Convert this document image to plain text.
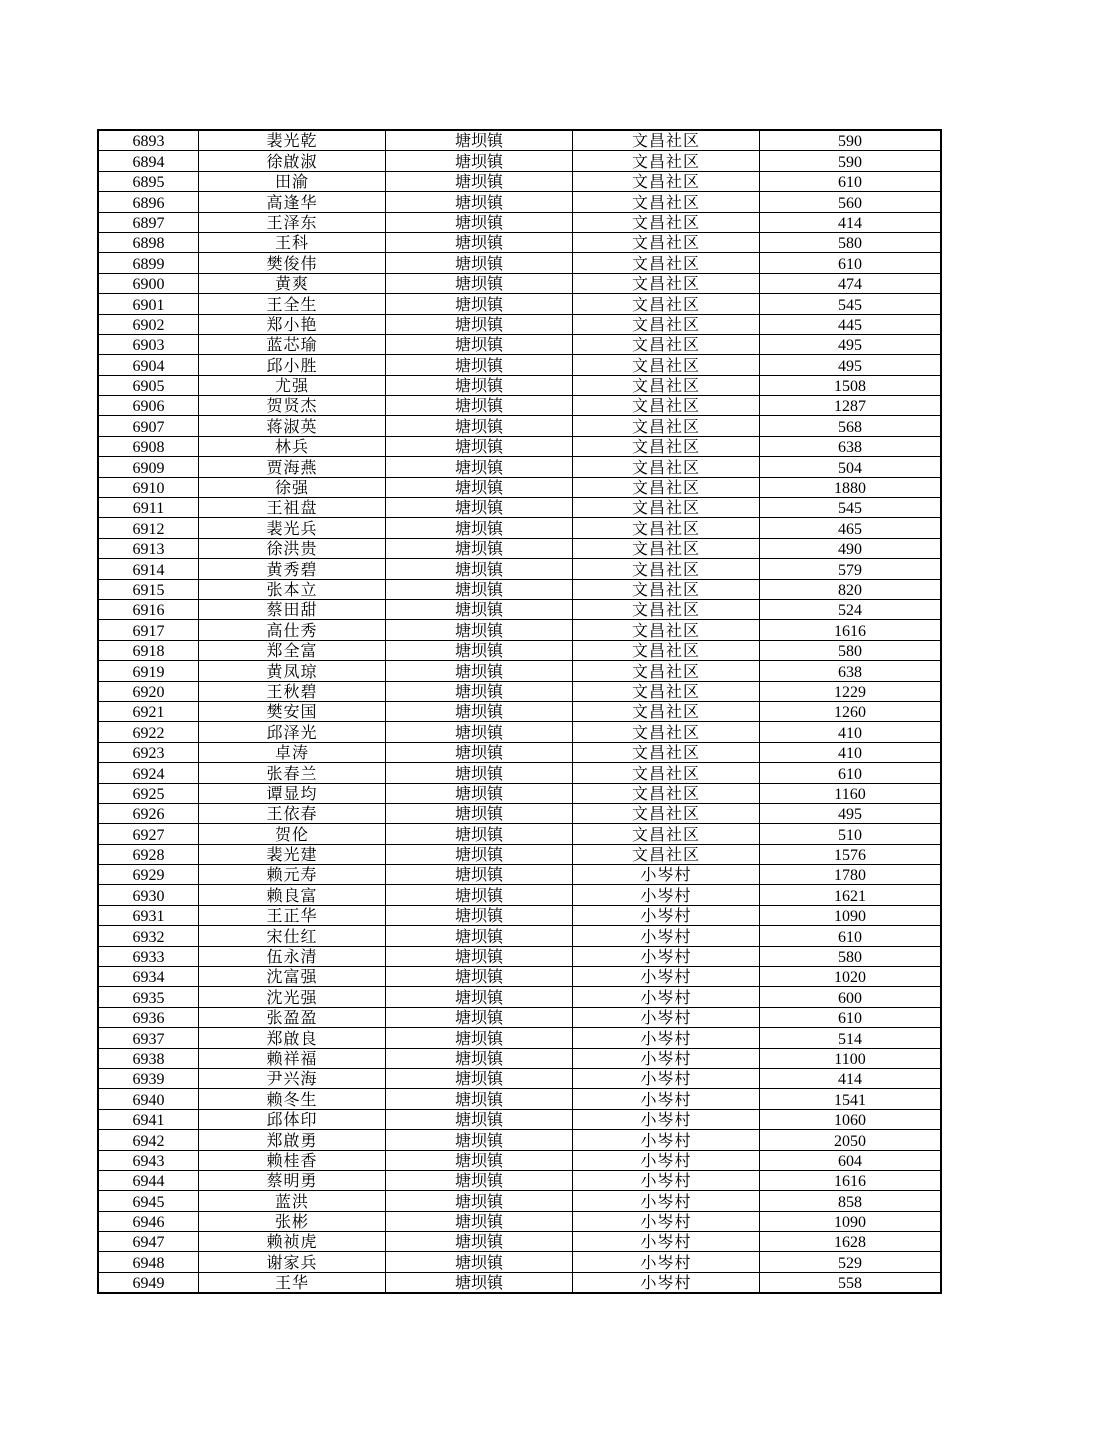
6893	裴光乾	塘坝镇	文昌社区	590
6894	徐啟淑	塘坝镇	文昌社区	590
6895	田渝	塘坝镇	文昌社区	610
6896	高逢华	塘坝镇	文昌社区	560
6897	王泽东	塘坝镇	文昌社区	414
6898	王科	塘坝镇	文昌社区	580
6899	樊俊伟	塘坝镇	文昌社区	610
6900	黄爽	塘坝镇	文昌社区	474
6901	王全生	塘坝镇	文昌社区	545
6902	郑小艳	塘坝镇	文昌社区	445
6903	蓝芯瑜	塘坝镇	文昌社区	495
6904	邱小胜	塘坝镇	文昌社区	495
6905	尤强	塘坝镇	文昌社区	1508
6906	贺贤杰	塘坝镇	文昌社区	1287
6907	蒋淑英	塘坝镇	文昌社区	568
6908	林兵	塘坝镇	文昌社区	638
6909	贾海燕	塘坝镇	文昌社区	504
6910	徐强	塘坝镇	文昌社区	1880
6911	王祖盘	塘坝镇	文昌社区	545
6912	裴光兵	塘坝镇	文昌社区	465
6913	徐洪贵	塘坝镇	文昌社区	490
6914	黄秀碧	塘坝镇	文昌社区	579
6915	张本立	塘坝镇	文昌社区	820
6916	蔡田甜	塘坝镇	文昌社区	524
6917	高仕秀	塘坝镇	文昌社区	1616
6918	郑全富	塘坝镇	文昌社区	580
6919	黄凤琼	塘坝镇	文昌社区	638
6920	王秋碧	塘坝镇	文昌社区	1229
6921	樊安国	塘坝镇	文昌社区	1260
6922	邱泽光	塘坝镇	文昌社区	410
6923	卓涛	塘坝镇	文昌社区	410
6924	张春兰	塘坝镇	文昌社区	610
6925	谭显均	塘坝镇	文昌社区	1160
6926	王依春	塘坝镇	文昌社区	495
6927	贺伦	塘坝镇	文昌社区	510
6928	裴光建	塘坝镇	文昌社区	1576
6929	赖元寿	塘坝镇	小岑村	1780
6930	赖良富	塘坝镇	小岑村	1621
6931	王正华	塘坝镇	小岑村	1090
6932	宋仕红	塘坝镇	小岑村	610
6933	伍永清	塘坝镇	小岑村	580
6934	沈富强	塘坝镇	小岑村	1020
6935	沈光强	塘坝镇	小岑村	600
6936	张盈盈	塘坝镇	小岑村	610
6937	郑啟良	塘坝镇	小岑村	514
6938	赖祥福	塘坝镇	小岑村	1100
6939	尹兴海	塘坝镇	小岑村	414
6940	赖冬生	塘坝镇	小岑村	1541
6941	邱体印	塘坝镇	小岑村	1060
6942	郑啟勇	塘坝镇	小岑村	2050
6943	赖桂香	塘坝镇	小岑村	604
6944	蔡明勇	塘坝镇	小岑村	1616
6945	蓝洪	塘坝镇	小岑村	858
6946	张彬	塘坝镇	小岑村	1090
6947	赖祯虎	塘坝镇	小岑村	1628
6948	谢家兵	塘坝镇	小岑村	529
6949	王华	塘坝镇	小岑村	558
